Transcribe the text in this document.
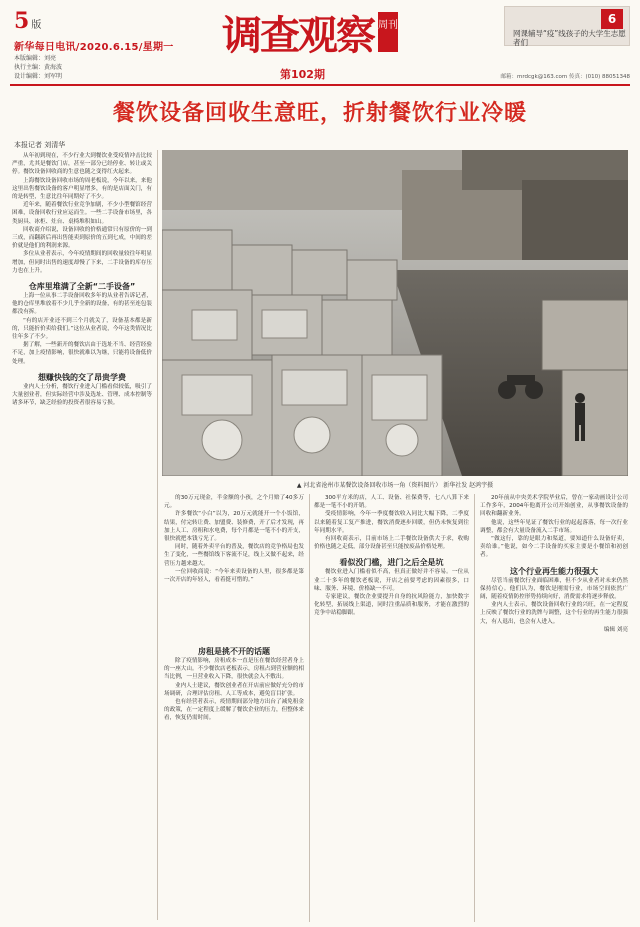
5 版
新华每日电讯/2020.6.15/星期一
本版编辑：刘亮
执行主编：黄海波
设计编辑：刘军明
调查观察 周刊
第102期
6
网课辅导“疫”线孩子的大学生志愿者们
邮箱：mrdcgk@163.com 传真：(010) 88051348
餐饮设备回收生意旺，折射餐饮行业冷暖
本报记者 刘清华

从年初到现在，不少行业大到餐饮业受疫情冲击比较严重，尤其是餐饮门店，甚至一部分已经停业、转让或关停。餐饮设备回收商的生意也随之变得红火起来。

上海餐饮设备回收市场的周老板说，今年以来，来他这里出售餐饮设备的客户明显增多，有的是店面关门，有的是转型，生意比往年同期好了不少。

近年来，随着餐饮行业竞争加剧，不少小型餐馆经营困难，设备回收行业应运而生。一些二手设备市场里，各类厨具、冰柜、灶台、桌椅堆积如山。

回收商介绍说，设备回收的价格通常只有原价的一到三成，而翻新后再出售能卖到原价的五到七成，中间的差价就是他们的利润来源。

多位从业者表示，今年疫情期间的回收量较往年明显增加，但同时出售的速度却慢了下来，二手设备的库存压力也在上升。

仓库里堆满了全新“二手设备”

上海一位从事二手设备回收多年的从业者告诉记者，他的仓库里堆放着不少几乎全新的设备，有的甚至连包装都没有拆。

“有的店开业还不到三个月就关了，设备基本都是新的，只能折价卖给我们。”这位从业者说，今年这类情况比往年多了不少。

据了解，一些新开的餐饮店由于选址不当、经营经验不足，加上疫情影响，很快就难以为继，只能将设备低价处理。

想赚快钱的交了昂贵学费

业内人士分析，餐饮行业进入门槛看似较低，吸引了大量创业者，但实际经营中涉及选址、管理、成本控制等诸多环节，缺乏经验的投资者很容易亏损。

▲ 河北省沧州市某餐饮设备回收市场一角（资料图片） 新华社发 赵鸿宇摄

的30万元现金，半金额的小孩，之个月赔了40多万元。

许多餐饮“小白”以为，20万元就能开一个小饭馆，结果，付完转让费、加盟费、装修费，开了后才发现，再加上人工、房租和水电费，每个月都是一笔不小的开支，很快就把本钱亏光了。

同时，随着外卖平台的普及，餐饮店的竞争格局也发生了变化，一些餐馆线下客流不足，线上又做不起来，经营压力越来越大。

一位回收商说：“今年来卖设备的人里，很多都是第一次开店的年轻人，看着挺可惜的。”

300平方米的店，人工、设备、社保费等，七八八算下来都是一笔不小的开销。

受疫情影响，今年一季度餐饮收入同比大幅下降，二季度以来随着复工复产推进，餐饮消费逐步回暖，但仍未恢复到往年同期水平。

有回收商表示，目前市场上二手餐饮设备供大于求，收购价格也随之走低，部分设备甚至只能按废品价格处理。

看似没门槛，进门之后全是坑

餐饮业进入门槛看似不高，但真正做好并不容易。一位从业二十多年的餐饮老板说，开店之前要考虑的因素很多，口味、服务、环境、价格缺一不可。

专家建议，餐饮企业要提升自身的抗风险能力，加快数字化转型，拓展线上渠道，同时注重品质和服务，才能在激烈的竞争中站稳脚跟。

房租是挑不开的话题

除了疫情影响，房租成本一直是压在餐饮经营者身上的一座大山。不少餐饮店老板表示，房租占到营业额的相当比例，一旦营业收入下降，很快就会入不敷出。

业内人士建议，餐饮创业者在开店前应做好充分的市场调研，合理评估房租、人工等成本，避免盲目扩张。

也有经营者表示，疫情期间部分地方出台了减免租金的政策，在一定程度上缓解了餐饮企业的压力，但整体来看，恢复仍需时间。

20年前从中央美术学院毕业后，曾在一家动画设计公司工作多年，2004年他离开公司开始创业，从事餐饮设备的回收和翻新业务。

他说，这些年见证了餐饮行业的起起落落，每一次行业调整，都会有大量设备流入二手市场。

“做这行，靠的是眼力和渠道，要知道什么设备好卖，卖给谁。”他说，如今二手设备的买家主要是小餐馆和初创者。

这个行业再生能力很强大

尽管当前餐饮行业面临困难，但不少从业者对未来仍然保持信心。他们认为，餐饮是刚需行业，市场空间依然广阔，随着疫情防控形势持续向好，消费需求将逐步释放。

业内人士表示，餐饮设备回收行业的兴旺，在一定程度上反映了餐饮行业的洗牌与调整，这个行业的再生能力很强大，有人退出，也会有人进入。

编辑 刘亮
